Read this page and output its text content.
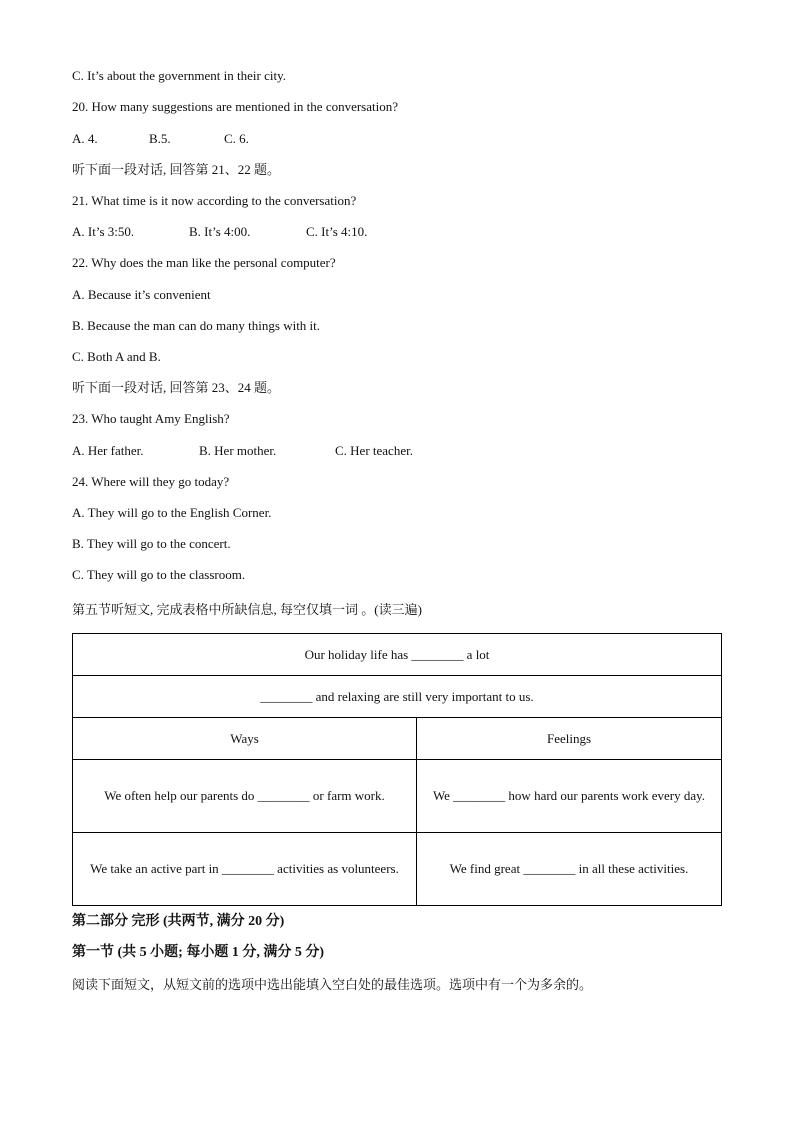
C. It’s about the government in their city.
20. How many suggestions are mentioned in the conversation?
A. 4.	B.5.	C. 6.
听下面一段对话, 回答第 21、22 题。
21. What time is it now according to the conversation?
A. It’s 3:50.	B. It’s 4:00.	C. It’s 4:10.
22. Why does the man like the personal computer?
A. Because it’s convenient
B. Because the man can do many things with it.
C. Both A and B.
听下面一段对话, 回答第 23、24 题。
23. Who taught Amy English?
A. Her father.	B. Her mother.	C. Her teacher.
24. Where will they go today?
A. They will go to the English Corner.
B. They will go to the concert.
C. They will go to the classroom.
第五节听短文, 完成表格中所缺信息, 每空仅填一词 。(读三遍)
Our holiday life has ________ a lot	
________ and relaxing are still very important to us.	
Ways	Feelings
We often help our parents do ________ or farm work.	We ________ how hard our parents work every day.
We take an active part in ________ activities as volunteers.	We find great ________ in all these activities.
第二部分 完形 (共两节, 满分 20 分)
第一节 (共 5 小题; 每小题 1 分, 满分 5 分)
阅读下面短文，从短文前的选项中选出能填入空白处的最佳选项。选项中有一个为多余的。
